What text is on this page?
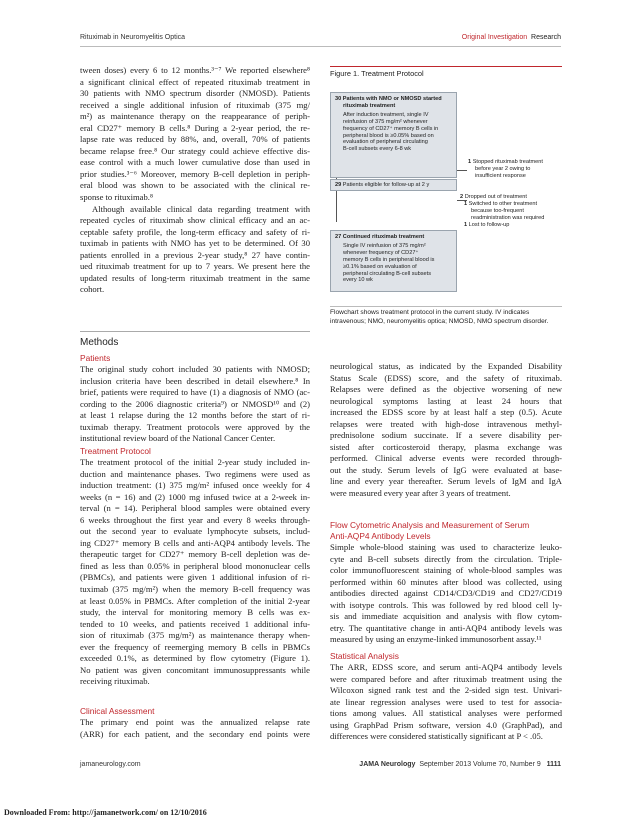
Rituximab in Neuromyelitis Optica	Original Investigation Research
tween doses) every 6 to 12 months.³⁻⁷ We reported elsewhere⁸
a significant clinical effect of repeated rituximab treatment in
30 patients with NMO spectrum disorder (NMOSD). Patients
received a single additional infusion of rituximab (375 mg/
m²) as maintenance therapy on the reappearance of periph-
eral CD27⁺ memory B cells.⁸ During a 2-year period, the re-
lapse rate was reduced by 88%, and, overall, 70% of patients
became relapse free.⁸ Our strategy could achieve effective dis-
ease control with a much lower cumulative dose than used in
prior studies.³⁻⁶ Moreover, memory B-cell depletion in periph-
eral blood was shown to be associated with the clinical re-
sponse to rituximab.⁸
Although available clinical data regarding treatment with
repeated cycles of rituximab show clinical efficacy and an ac-
ceptable safety profile, the long-term efficacy and safety of ri-
tuximab in patients with NMO has yet to be determined. Of 30
patients enrolled in a previous 2-year study,⁸ 27 have contin-
ued rituximab treatment for up to 7 years. We present here the
updated results of long-term rituximab treatment in the same
cohort.
Figure 1. Treatment Protocol
30 Patients with NMO or NMOSD started
rituximab treatment
After induction treatment, single IV
reinfusion of 375 mg/m² whenever
frequency of CD27⁺ memory B cells in
peripheral blood is ≥0.05% based on
evaluation of peripheral circulating
B-cell subsets every 6-8 wk
1 Stopped rituximab treatment
before year 2 owing to
insufficient response
29 Patients eligible for follow-up at 2 y
2 Dropped out of treatment
1 Switched to other treatment
because too-frequent
readministration was required
1 Lost to follow-up
27 Continued rituximab treatment
Single IV reinfusion of 375 mg/m²
whenever frequency of CD27⁺
memory B cells in peripheral blood is
≥0.1% based on evaluation of
peripheral circulating B-cell subsets
every 10 wk
Flowchart shows treatment protocol in the current study. IV indicates
intravenous; NMO, neuromyelitis optica; NMOSD, NMO spectrum disorder.
Methods
Patients
The original study cohort included 30 patients with NMOSD;
inclusion criteria have been described in detail elsewhere.⁸ In
brief, patients were required to have (1) a diagnosis of NMO (ac-
cording to the 2006 diagnostic criteria⁹) or NMOSD¹⁰ and (2)
at least 1 relapse during the 12 months before the start of ri-
tuximab therapy. Treatment protocols were approved by the
institutional review board of the National Cancer Center.
Treatment Protocol
The treatment protocol of the initial 2-year study included in-
duction and maintenance phases. Two regimens were used as
induction treatment: (1) 375 mg/m² infused once weekly for 4
weeks (n = 16) and (2) 1000 mg infused twice at a 2-week in-
terval (n = 14). Peripheral blood samples were obtained every
6 weeks throughout the first year and every 8 weeks through-
out the second year to evaluate lymphocyte subsets, includ-
ing CD27⁺ memory B cells and anti-AQP4 antibody levels. The
therapeutic target for CD27⁺ memory B-cell depletion was de-
fined as less than 0.05% in peripheral blood mononuclear cells
(PBMCs), and patients were given 1 additional infusion of ri-
tuximab (375 mg/m²) when the memory B-cell frequency was
at least 0.05% in PBMCs. After completion of the initial 2-year
study, the interval for monitoring memory B cells was ex-
tended to 10 weeks, and patients received 1 additional infu-
sion of rituximab (375 mg/m²) as maintenance therapy when-
ever the frequency of reemerging memory B cells in PBMCs
exceeded 0.1%, as determined by flow cytometry (Figure 1).
No patient was given concomitant immunosuppressants while
receiving rituximab.
Clinical Assessment
The primary end point was the annualized relapse rate
(ARR) for each patient, and the secondary end points were
neurological status, as indicated by the Expanded Disability
Status Scale (EDSS) score, and the safety of rituximab.
Relapses were defined as the objective worsening of new
neurological symptoms lasting at least 24 hours that
increased the EDSS score by at least half a step (0.5). Acute
relapses were treated with high-dose intravenous methyl-
prednisolone sodium succinate. If a severe disability per-
sisted after corticosteroid therapy, plasma exchange was
performed. Clinical adverse events were recorded through-
out the study. Serum levels of IgG were evaluated at base-
line and every year thereafter. Serum levels of IgM and IgA
were measured every year after 3 years of treatment.
Flow Cytometric Analysis and Measurement of Serum
Anti-AQP4 Antibody Levels
Simple whole-blood staining was used to characterize leuko-
cyte and B-cell subsets directly from the circulation. Triple-
color immunofluorescent staining of whole-blood samples was
performed within 60 minutes after blood was collected, using
antibodies directed against CD14/CD3/CD19 and CD27/CD19
with isotype controls. This was followed by red blood cell ly-
sis and immediate acquisition and analysis with flow cytom-
etry. The quantitative change in anti-AQP4 antibody levels was
measured by using an enzyme-linked immunosorbent assay.¹¹
Statistical Analysis
The ARR, EDSS score, and serum anti-AQP4 antibody levels
were compared before and after rituximab treatment using the
Wilcoxon signed rank test and the 2-sided sign test. Univari-
ate linear regression analyses were used to test for associa-
tions among values. All statistical analyses were performed
using GraphPad Prism software, version 4.0 (GraphPad), and
differences were considered statistically significant at P < .05.
jamaneurology.com	JAMA Neurology September 2013 Volume 70, Number 9 1111
Downloaded From: http://jamanetwork.com/ on 12/10/2016
